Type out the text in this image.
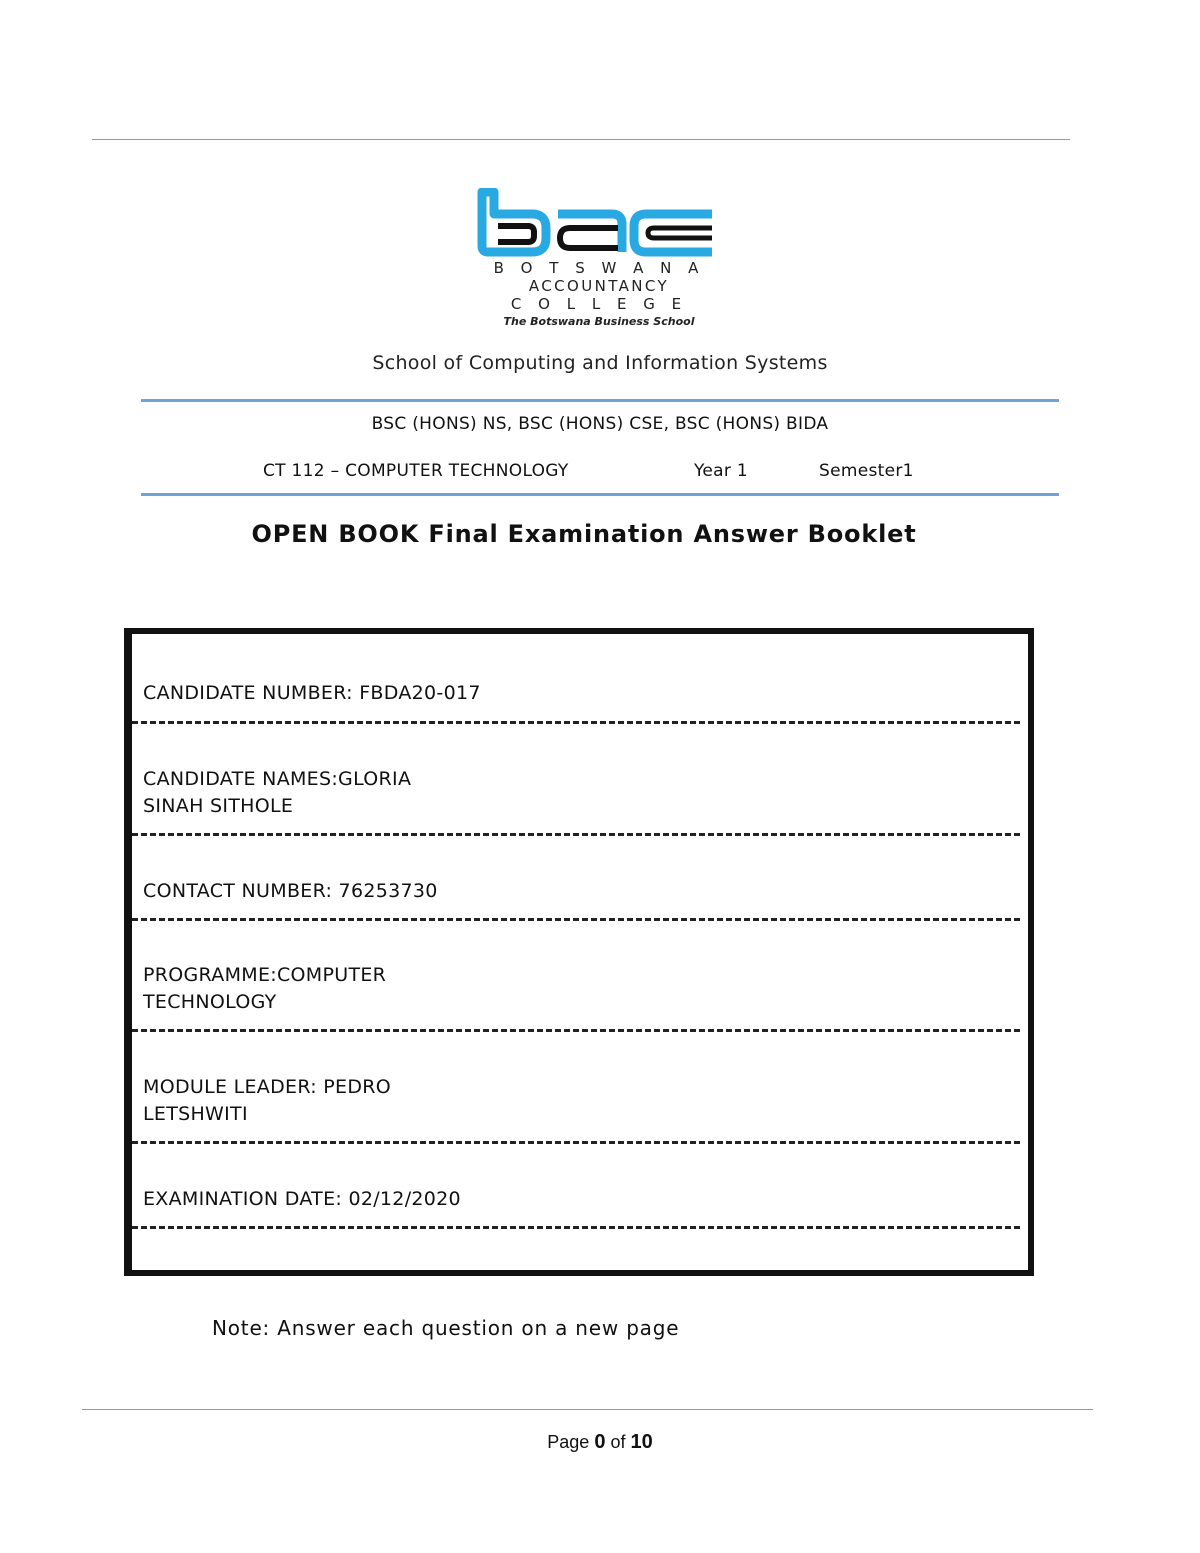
B O T S W A N A
ACCOUNTANCY
C O L L E G E
The Botswana Business School
School of Computing and Information Systems
BSC (HONS) NS, BSC (HONS) CSE, BSC (HONS) BIDA
CT 112 – COMPUTER TECHNOLOGY	Year 1	Semester1
OPEN BOOK Final Examination Answer Booklet
CANDIDATE NUMBER: FBDA20-017
CANDIDATE NAMES:GLORIA
SINAH SITHOLE
CONTACT NUMBER: 76253730
PROGRAMME:COMPUTER
TECHNOLOGY
MODULE LEADER: PEDRO
LETSHWITI
EXAMINATION DATE: 02/12/2020
Note: Answer each question on a new page
Page 0 of 10
